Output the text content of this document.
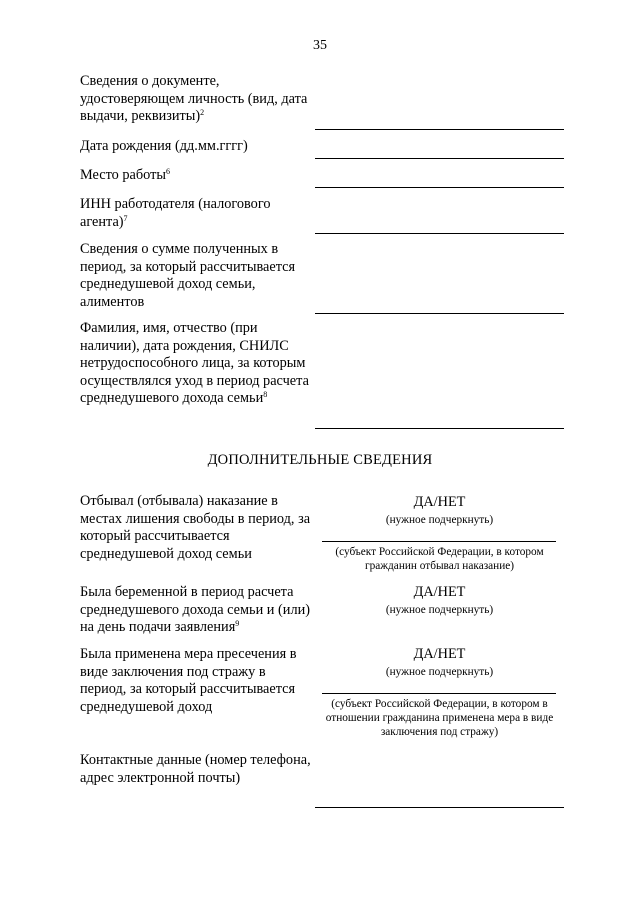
35
Сведения о документе, удостоверяющем личность (вид, дата выдачи, реквизиты)$^2$
Дата рождения (дд.мм.гггг)
Место работы$^6$
ИНН работодателя (налогового агента)$^7$
Сведения о сумме полученных в период, за который рассчитывается среднедушевой доход семьи, алиментов
Фамилия, имя, отчество (при наличии), дата рождения, СНИЛС нетрудоспособного лица, за которым осуществлялся уход в период расчета среднедушевого дохода семьи$^8$
ДОПОЛНИТЕЛЬНЫЕ СВЕДЕНИЯ
Отбывал (отбывала) наказание в местах лишения свободы в период, за который рассчитывается среднедушевой доход семьи
ДА/НЕТ
(нужное подчеркнуть)
(субъект Российской Федерации, в котором гражданин отбывал наказание)
Была беременной в период расчета среднедушевого дохода семьи и (или) на день подачи заявления$^9$
ДА/НЕТ
(нужное подчеркнуть)
Была применена мера пресечения в виде заключения под стражу в период, за который рассчитывается среднедушевой доход
ДА/НЕТ
(нужное подчеркнуть)
(субъект Российской Федерации, в котором в отношении гражданина применена мера в виде заключения под стражу)
Контактные данные (номер телефона, адрес электронной почты)
